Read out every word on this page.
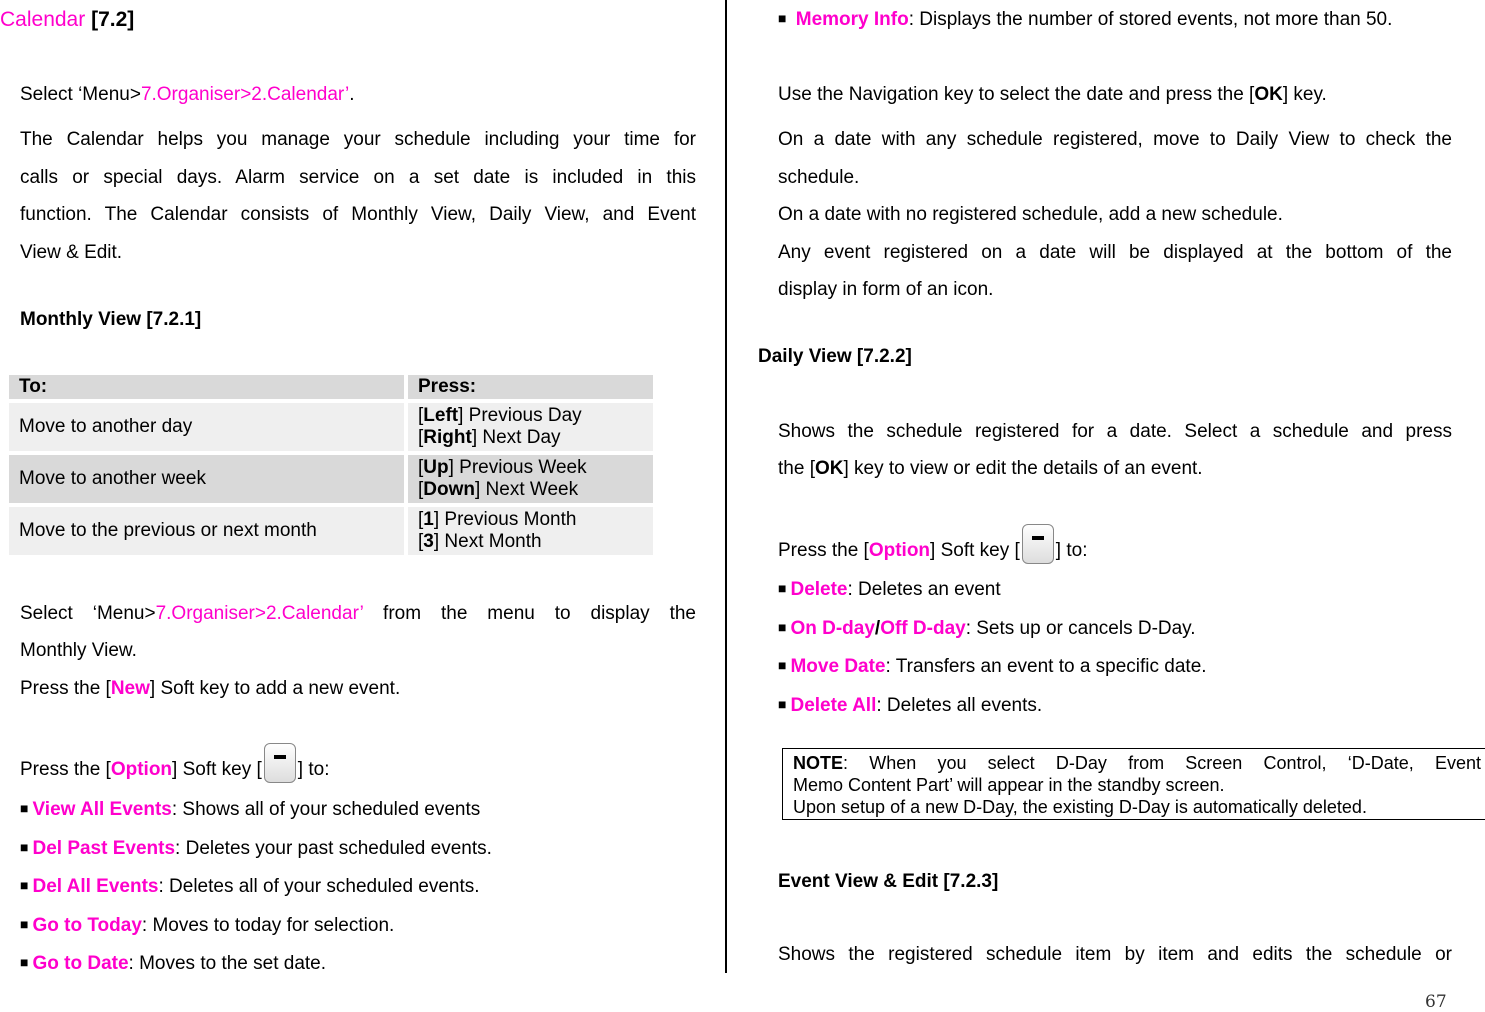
Calendar [7.2]
Select ‘Menu>7.Organiser>2.Calendar’.
The Calendar helps you manage your schedule including your time for
calls or special days. Alarm service on a set date is included in this
function. The Calendar consists of Monthly View, Daily View, and Event
View & Edit.
Monthly View [7.2.1]
To:	Press:
Move to another day	[Left] Previous Day
[Right] Next Day

Move to another week	[Up] Previous Week
[Down] Next Week

Move to the previous or next month	[1] Previous Month
[3] Next Month
Select ‘Menu>7.Organiser>2.Calendar’ from the menu to display the
Monthly View.
Press the [New] Soft key to add a new event.
Press the [Option] Soft key [ ] to:
■ View All Events: Shows all of your scheduled events
■ Del Past Events: Deletes your past scheduled events.
■ Del All Events: Deletes all of your scheduled events.
■ Go to Today: Moves to today for selection.
■ Go to Date: Moves to the set date.
■ Memory Info: Displays the number of stored events, not more than 50.
Use the Navigation key to select the date and press the [OK] key.
On a date with any schedule registered, move to Daily View to check the
schedule.
On a date with no registered schedule, add a new schedule.
Any event registered on a date will be displayed at the bottom of the
display in form of an icon.
Daily View [7.2.2]
Shows the schedule registered for a date. Select a schedule and press
the [OK] key to view or edit the details of an event.
Press the [Option] Soft key [ ] to:
■ Delete: Deletes an event
■ On D-day/Off D-day: Sets up or cancels D-Day.
■ Move Date: Transfers an event to a specific date.
■ Delete All: Deletes all events.
NOTE: When you select D-Day from Screen Control, ‘D-Date, Event
Memo Content Part’ will appear in the standby screen.
Upon setup of a new D-Day, the existing D-Day is automatically deleted.
Event View & Edit [7.2.3]
Shows the registered schedule item by item and edits the schedule or
67
